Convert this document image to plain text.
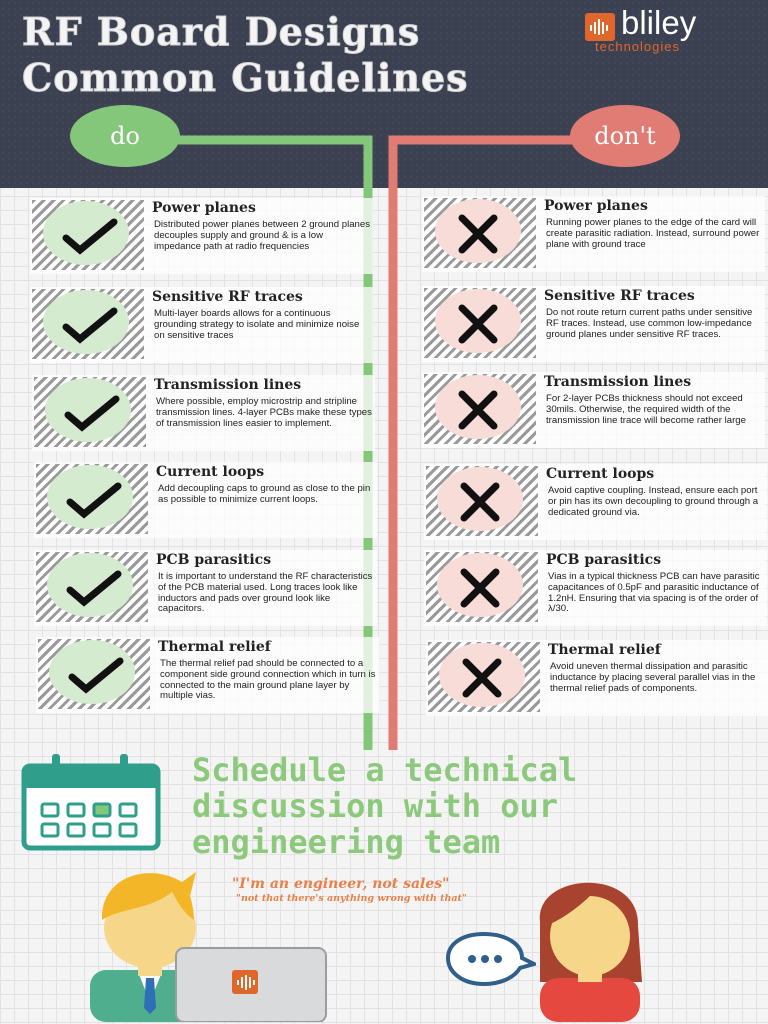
RF Board Designs
Common Guidelines
bliley
technologies
do	don't
Power planes
Distributed power planes between 2 ground planes decouples supply and ground & is a low impedance path at radio frequencies
Sensitive RF traces
Multi-layer boards allows for a continuous grounding strategy to isolate and minimize noise on sensitive traces
Transmission lines
Where possible, employ microstrip and stripline transmission lines. 4-layer PCBs make these types of transmission lines easier to implement.
Current loops
Add decoupling caps to ground as close to the pin as possible to minimize current loops.
PCB parasitics
It is important to understand the RF characteristics of the PCB material used. Long traces look like inductors and pads over ground look like capacitors.
Thermal relief
The thermal relief pad should be connected to a component side ground connection which in turn is connected to the main ground plane layer by multiple vias.
Power planes
Running power planes to the edge of the card will create parasitic radiation. Instead, surround power plane with ground trace
Sensitive RF traces
Do not route return current paths under sensitive RF traces. Instead, use common low-impedance ground planes under sensitive RF traces.
Transmission lines
For 2-layer PCBs thickness should not exceed 30mils. Otherwise, the required width of the transmission line trace will become rather large
Current loops
Avoid captive coupling. Instead, ensure each port or pin has its own decoupling to ground through a dedicated ground via.
PCB parasitics
Vias in a typical thickness PCB can have parasitic capacitances of 0.5pF and parasitic inductance of 1.2nH. Ensuring that via spacing is of the order of λ/30.
Thermal relief
Avoid uneven thermal dissipation and parasitic inductance by placing several parallel vias in the thermal relief pads of components.
Schedule a technical
discussion with our
engineering team
"I'm an engineer, not sales"
"not that there's anything wrong with that"
